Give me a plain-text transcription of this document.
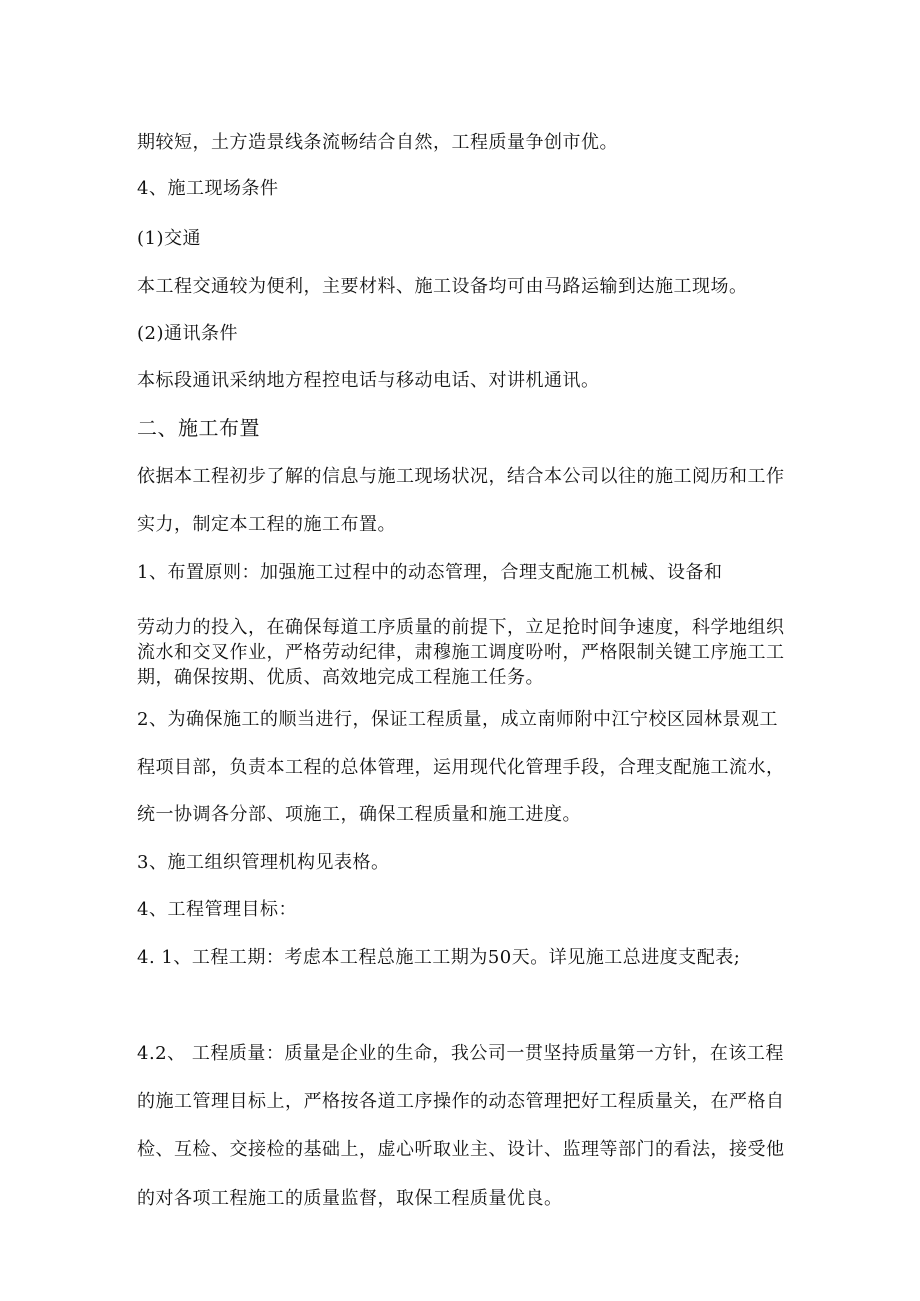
期较短，土方造景线条流畅结合自然，工程质量争创市优。
4、施工现场条件
(1)交通
本工程交通较为便利，主要材料、施工设备均可由马路运输到达施工现场。
(2)通讯条件
本标段通讯采纳地方程控电话与移动电话、对讲机通讯。
二、施工布置
依据本工程初步了解的信息与施工现场状况，结合本公司以往的施工阅历和工作
实力，制定本工程的施工布置。
1、布置原则：加强施工过程中的动态管理，合理支配施工机械、设备和
劳动力的投入，在确保每道工序质量的前提下，立足抢时间争速度，科学地组织
流水和交叉作业，严格劳动纪律，肃穆施工调度吩咐，严格限制关键工序施工工
期，确保按期、优质、高效地完成工程施工任务。
2、为确保施工的顺当进行，保证工程质量，成立南师附中江宁校区园林景观工
程项目部，负责本工程的总体管理，运用现代化管理手段，合理支配施工流水，
统一协调各分部、项施工，确保工程质量和施工进度。
3、施工组织管理机构见表格。
4、工程管理目标：
4. 1、工程工期：考虑本工程总施工工期为50天。详见施工总进度支配表;
4.2、 工程质量：质量是企业的生命，我公司一贯坚持质量第一方针，在该工程
的施工管理目标上，严格按各道工序操作的动态管理把好工程质量关，在严格自
检、互检、交接检的基础上，虚心听取业主、设计、监理等部门的看法，接受他
的对各项工程施工的质量监督，取保工程质量优良。
